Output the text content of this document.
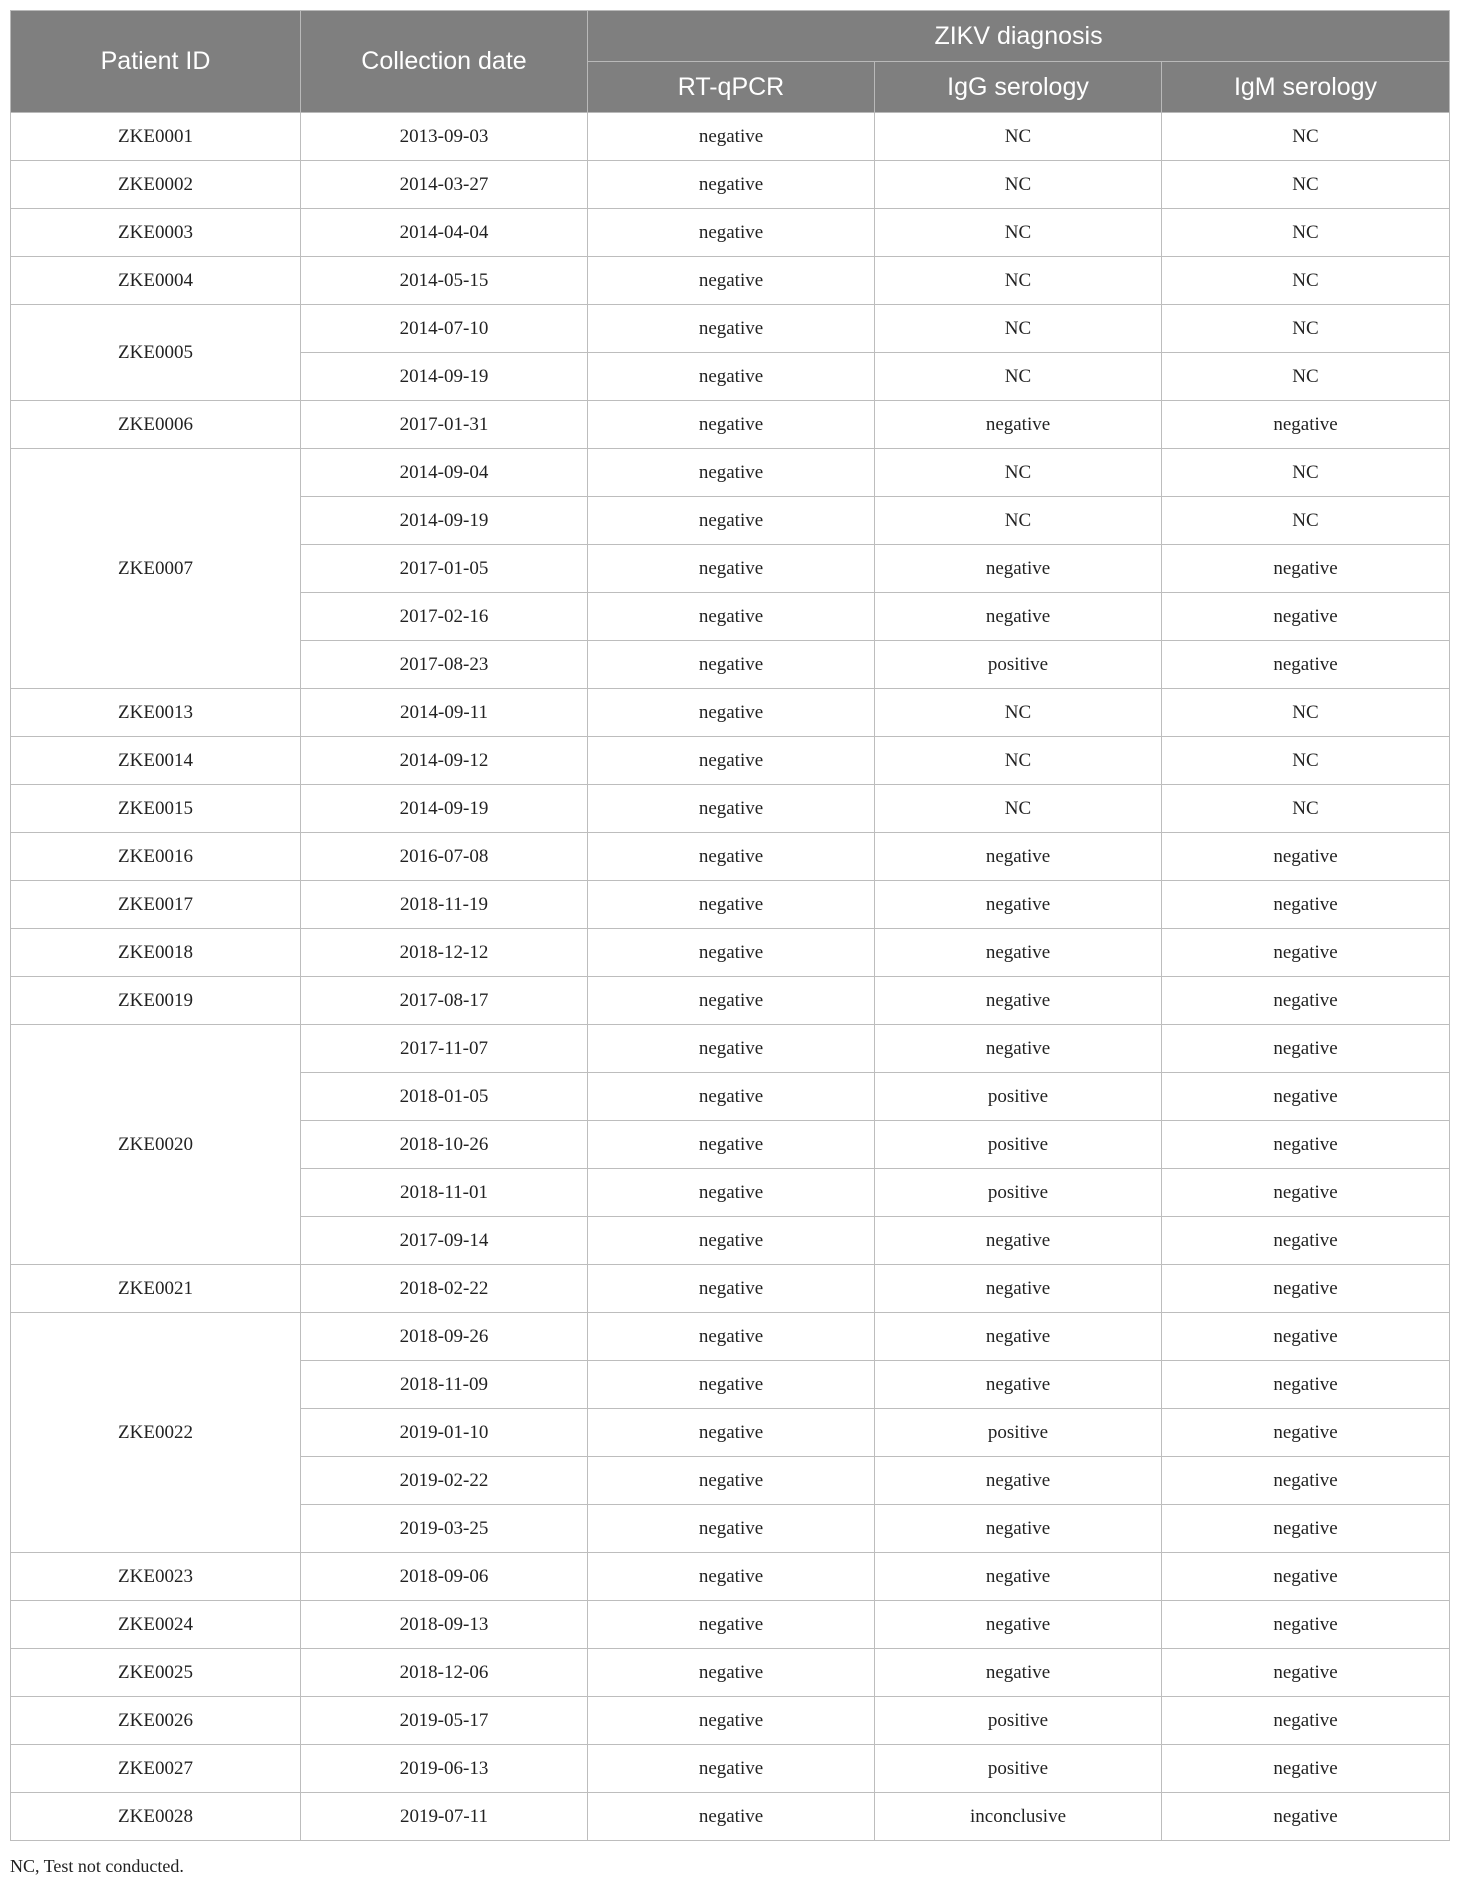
Patient ID	Collection date	ZIKV diagnosis		
		RT-qPCR	IgG serology	IgM serology
ZKE0001	2013-09-03	negative	NC	NC
ZKE0002	2014-03-27	negative	NC	NC
ZKE0003	2014-04-04	negative	NC	NC
ZKE0004	2014-05-15	negative	NC	NC
ZKE0005	2014-07-10	negative	NC	NC
	2014-09-19	negative	NC	NC
ZKE0006	2017-01-31	negative	negative	negative
ZKE0007	2014-09-04	negative	NC	NC
	2014-09-19	negative	NC	NC
	2017-01-05	negative	negative	negative
	2017-02-16	negative	negative	negative
	2017-08-23	negative	positive	negative
ZKE0013	2014-09-11	negative	NC	NC
ZKE0014	2014-09-12	negative	NC	NC
ZKE0015	2014-09-19	negative	NC	NC
ZKE0016	2016-07-08	negative	negative	negative
ZKE0017	2018-11-19	negative	negative	negative
ZKE0018	2018-12-12	negative	negative	negative
ZKE0019	2017-08-17	negative	negative	negative
ZKE0020	2017-11-07	negative	negative	negative
	2018-01-05	negative	positive	negative
	2018-10-26	negative	positive	negative
	2018-11-01	negative	positive	negative
	2017-09-14	negative	negative	negative
ZKE0021	2018-02-22	negative	negative	negative
ZKE0022	2018-09-26	negative	negative	negative
	2018-11-09	negative	negative	negative
	2019-01-10	negative	positive	negative
	2019-02-22	negative	negative	negative
	2019-03-25	negative	negative	negative
ZKE0023	2018-09-06	negative	negative	negative
ZKE0024	2018-09-13	negative	negative	negative
ZKE0025	2018-12-06	negative	negative	negative
ZKE0026	2019-05-17	negative	positive	negative
ZKE0027	2019-06-13	negative	positive	negative
ZKE0028	2019-07-11	negative	inconclusive	negative
NC, Test not conducted.
